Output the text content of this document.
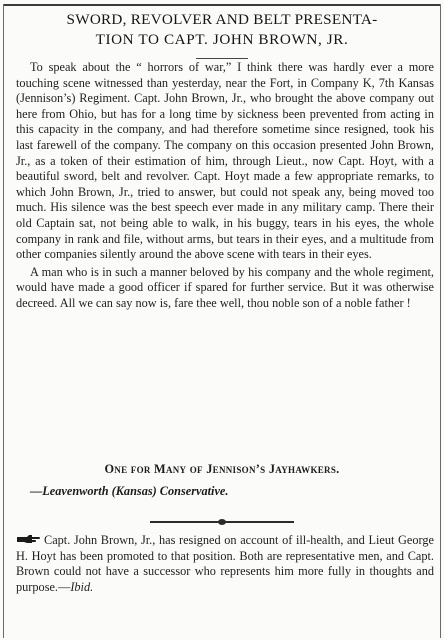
SWORD, REVOLVER AND BELT PRESENTA-
TION TO CAPT. JOHN BROWN, JR.

To speak about the “ horrors of war,” I think there was hardly ever a more touching scene witnessed than yesterday, near the Fort, in Company K, 7th Kansas (Jennison’s) Regiment. Capt. John Brown, Jr., who brought the above company out here from Ohio, but has for a long time by sickness been prevented from acting in this capacity in the company, and had therefore sometime since resigned, took his last farewell of the company. The company on this occasion presented John Brown, Jr., as a token of their estimation of him, through Lieut., now Capt. Hoyt, with a beautiful sword, belt and revolver. Capt. Hoyt made a few appropriate remarks, to which John Brown, Jr., tried to answer, but could not speak any, being moved too much. His silence was the best speech ever made in any military camp. There their old Captain sat, not being able to walk, in his buggy, tears in his eyes, the whole company in rank and file, without arms, but tears in their eyes, and a multitude from other companies silently around the above scene with tears in their eyes.

A man who is in such a manner beloved by his company and the whole regiment, would have made a good officer if spared for further service. But it was otherwise decreed. All we can say now is, fare thee well, thou noble son of a noble father !

One for Many of Jennison’s Jayhawkers.
—Leavenworth (Kansas) Conservative.
Capt. John Brown, Jr., has resigned on account of ill-health, and Lieut George H. Hoyt has been promoted to that position. Both are representative men, and Capt. Brown could not have a successor who represents him more fully in thoughts and purpose.—Ibid.
